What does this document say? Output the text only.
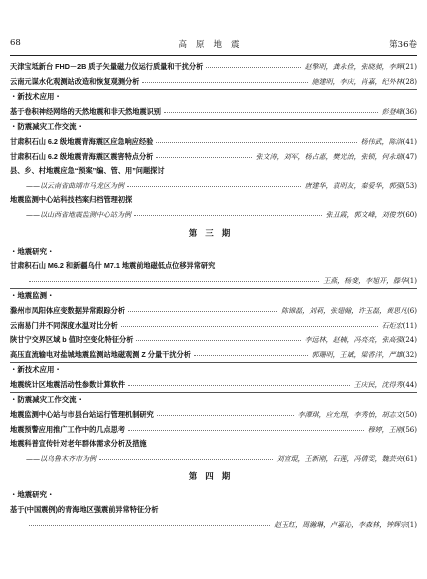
68	高原地震	第36卷
天津宝坻新台 FHD－2B 质子矢量磁力仪运行质量和干扰分析	赵擎明，龚永俭，张晓昶，李辉(21)
云南元谋水化观测站改造和恢复观测分析	施建明，李庆，肖嘉，纪外林(28)
・新技术应用・
基于卷积神经网络的天然地震和非天然地震识别	彭登峰(36)
・防震减灾工作交流・
甘肃积石山 6.2 级地震青海震区应急响应经验	杨伟武，陈洛(41)
甘肃积石山 6.2 级地震青海震区震害特点分析	张文涛，刘军，杨占惠，樊光治，张锁，何永瑞(47)
县、乡、村地震应急“预案”编、管、用”问题探讨
——以云南省曲靖市马龙区为例	唐建华，袁明友，秦爱华，郭强(53)
地震监测中心站科技档案归档管理初探
——以山西省地震监测中心站为例	张丑霞，郭文峰，刘俊芳(60)
第三期
・地震研究・
甘肃积石山 M6.2 和新疆乌什 M7.1 地震前地磁低点位移异常研究
王燕，杨斐，李旭开，滕华(1)
・地震监测・
滁州市凤阳体应变数据异常跟踪分析	陈锦磊，刘莉，张翅翰，许玉磊，黄思凡(6)
云南易门井不同深度水温对比分析	石炬宏(11)
陕甘宁交界区域 b 值时空变化特征分析	李远林，赵楠，冯亮亮，张高强(24)
高压直流输电对盐城地震监测站地磁观测 Z 分量干扰分析	郭珊明，王斌，梁香洋，严雄(32)
・新技术应用・
地震统计区地震活动性参数计算软件	王庆民，沈得秀(44)
・防震减灾工作交流・
地震监测中心站与市县台站运行管理机制研究	李潭琪，应允翔，李秀怡，胡志文(50)
地震预警应用推广工作中的几点思考	穆婷，王刚(56)
地震科普宣传针对老年群体需求分析及措施
——以乌鲁木齐市为例	刘宣琨，王新刚，石莲，冯倩雯，魏芸央(61)
第四期
・地震研究・
基于(中国震例)的青海地区强震前异常特征分析
赵玉红，周瀚琳，卢嘉沁，李森林，钟辉宗(1)
